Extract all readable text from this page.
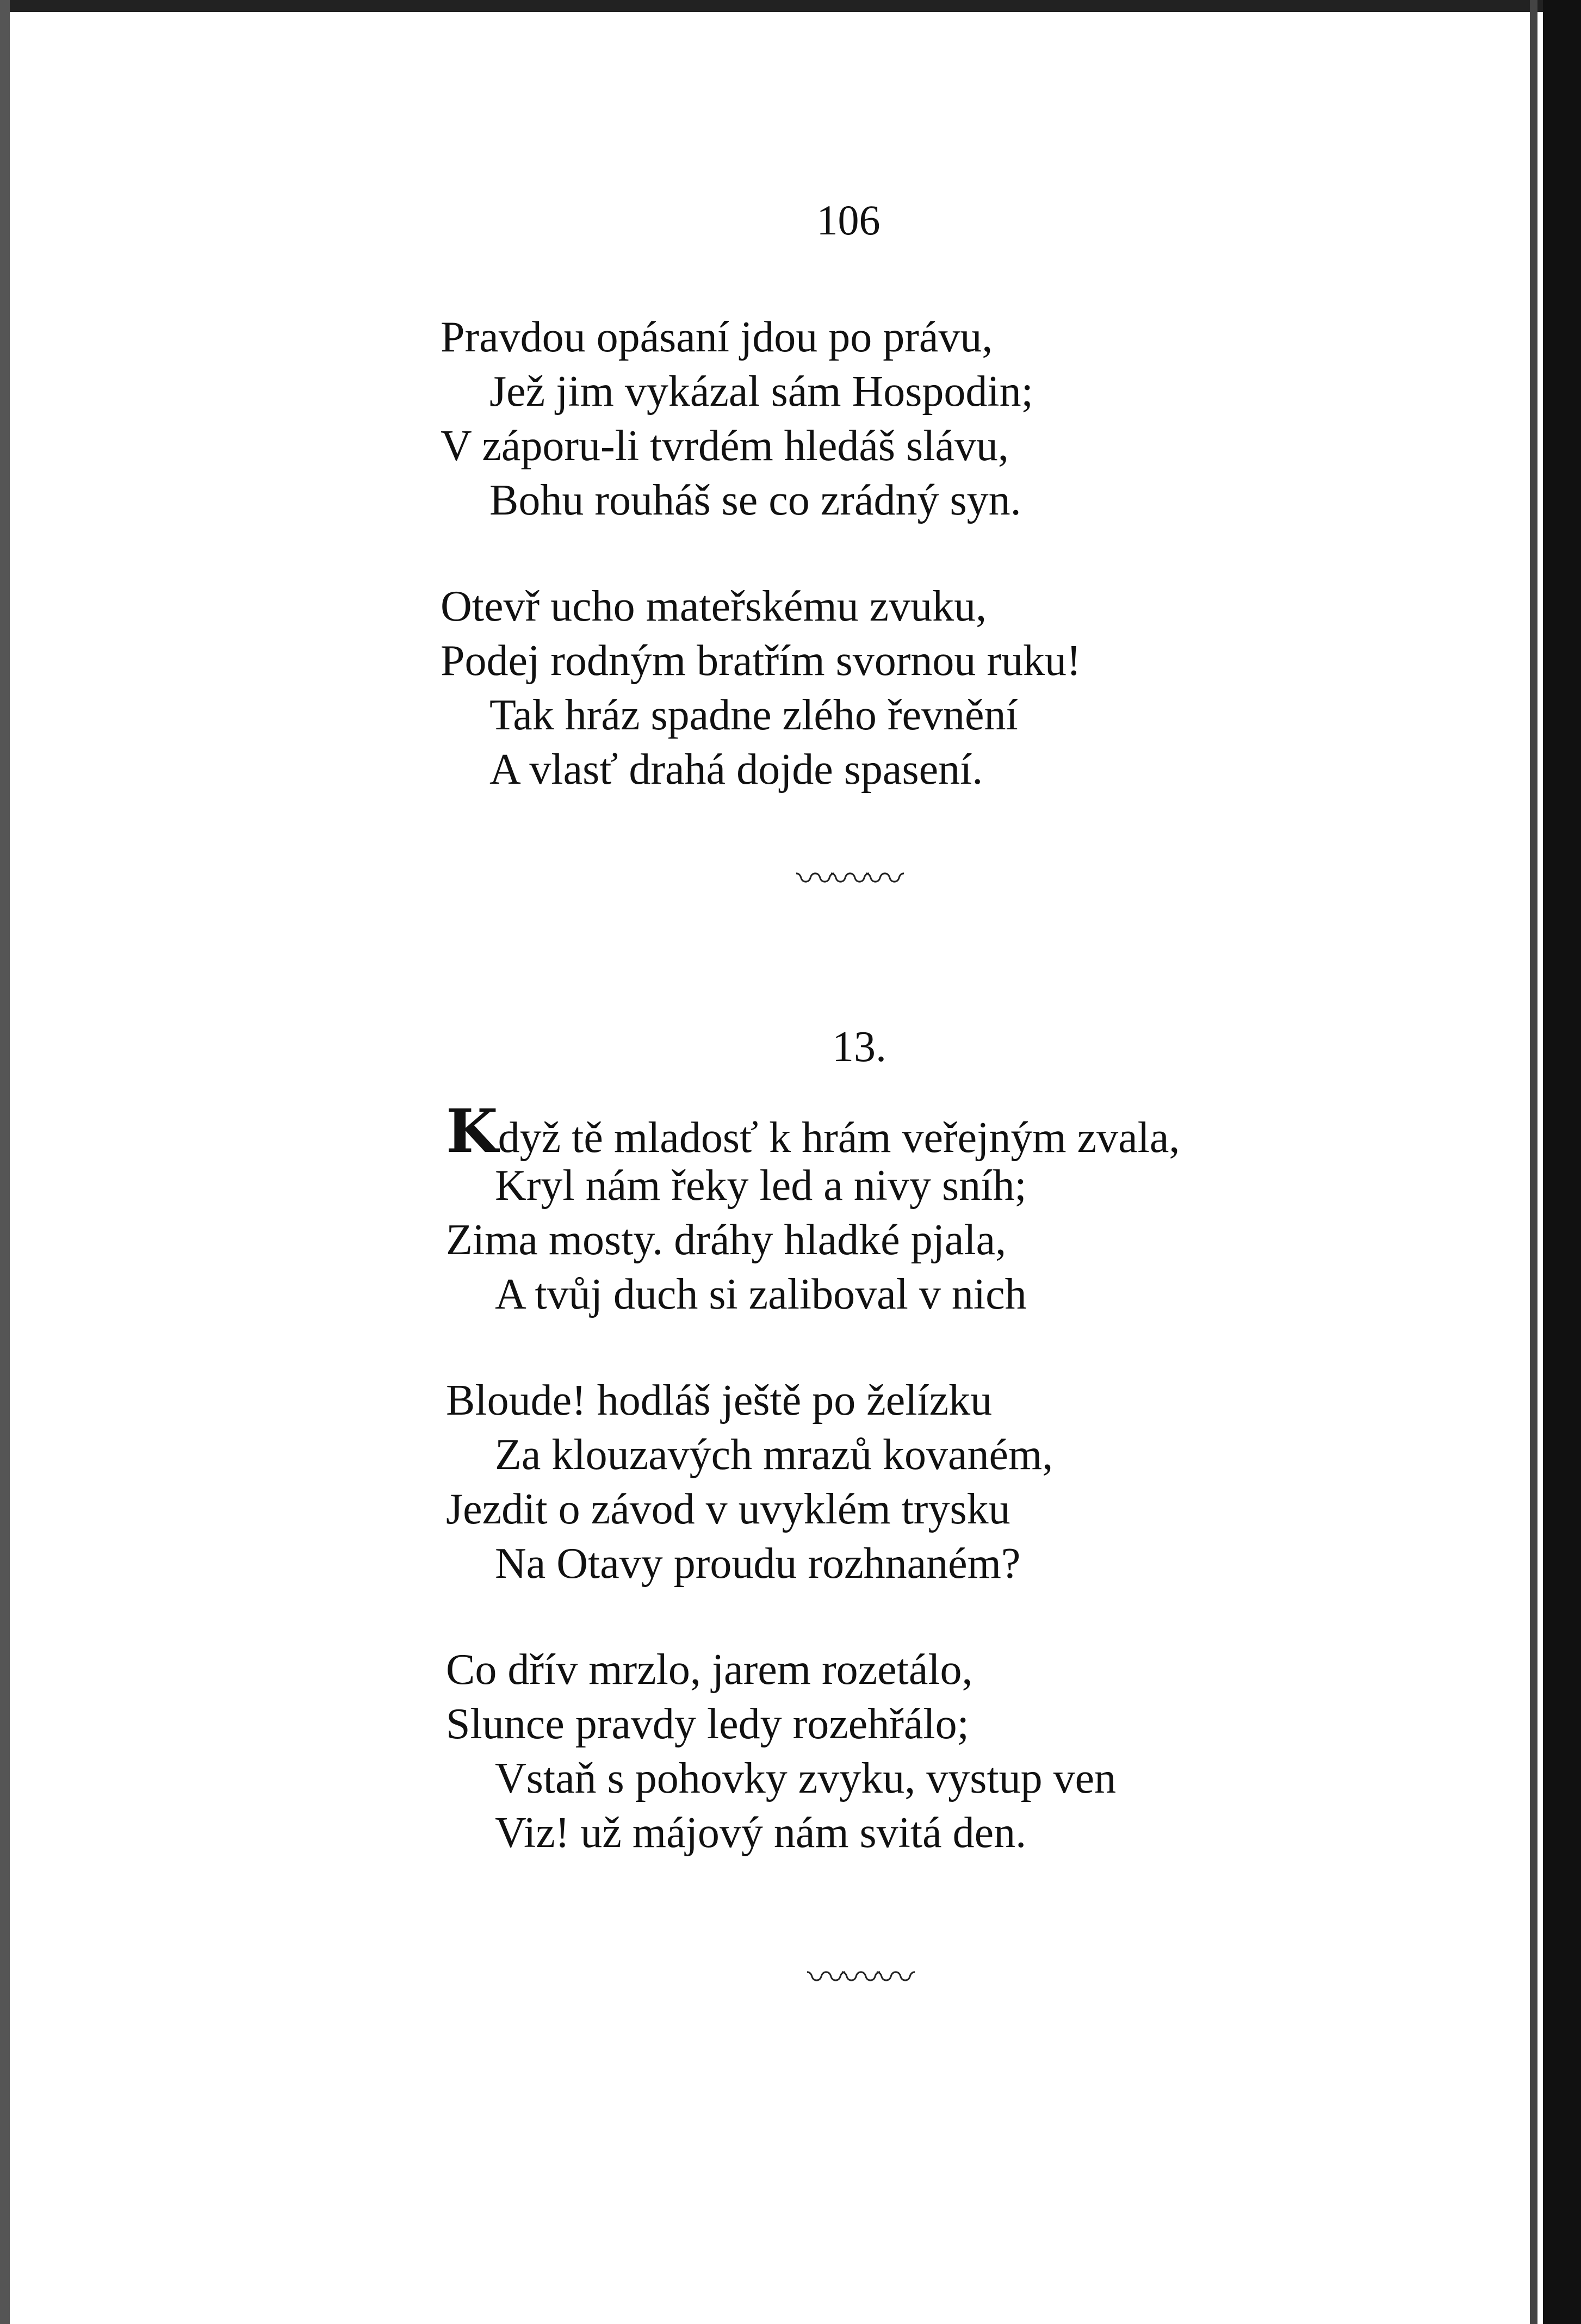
106
Pravdou opásaní jdou po právu,
Jež jim vykázal sám Hospodin;
V záporu-li tvrdém hledáš slávu,
Bohu rouháš se co zrádný syn.
Otevř ucho mateřskému zvuku,
Podej rodným bratřím svornou ruku!
Tak hráz spadne zlého řevnění
A vlasť drahá dojde spasení.
〰〰〰
13.
Když tě mladosť k hrám veřejným zvala,
Kryl nám řeky led a nivy sníh;
Zima mosty. dráhy hladké pjala,
A tvůj duch si zaliboval v nich
Bloude! hodláš ještě po želízku
Za klouzavých mrazů kovaném,
Jezdit o závod v uvyklém trysku
Na Otavy proudu rozhnaném?
Co dřív mrzlo, jarem rozetálo,
Slunce pravdy ledy rozehřálo;
Vstaň s pohovky zvyku, vystup ven
Viz! už májový nám svitá den.
〰〰〰
